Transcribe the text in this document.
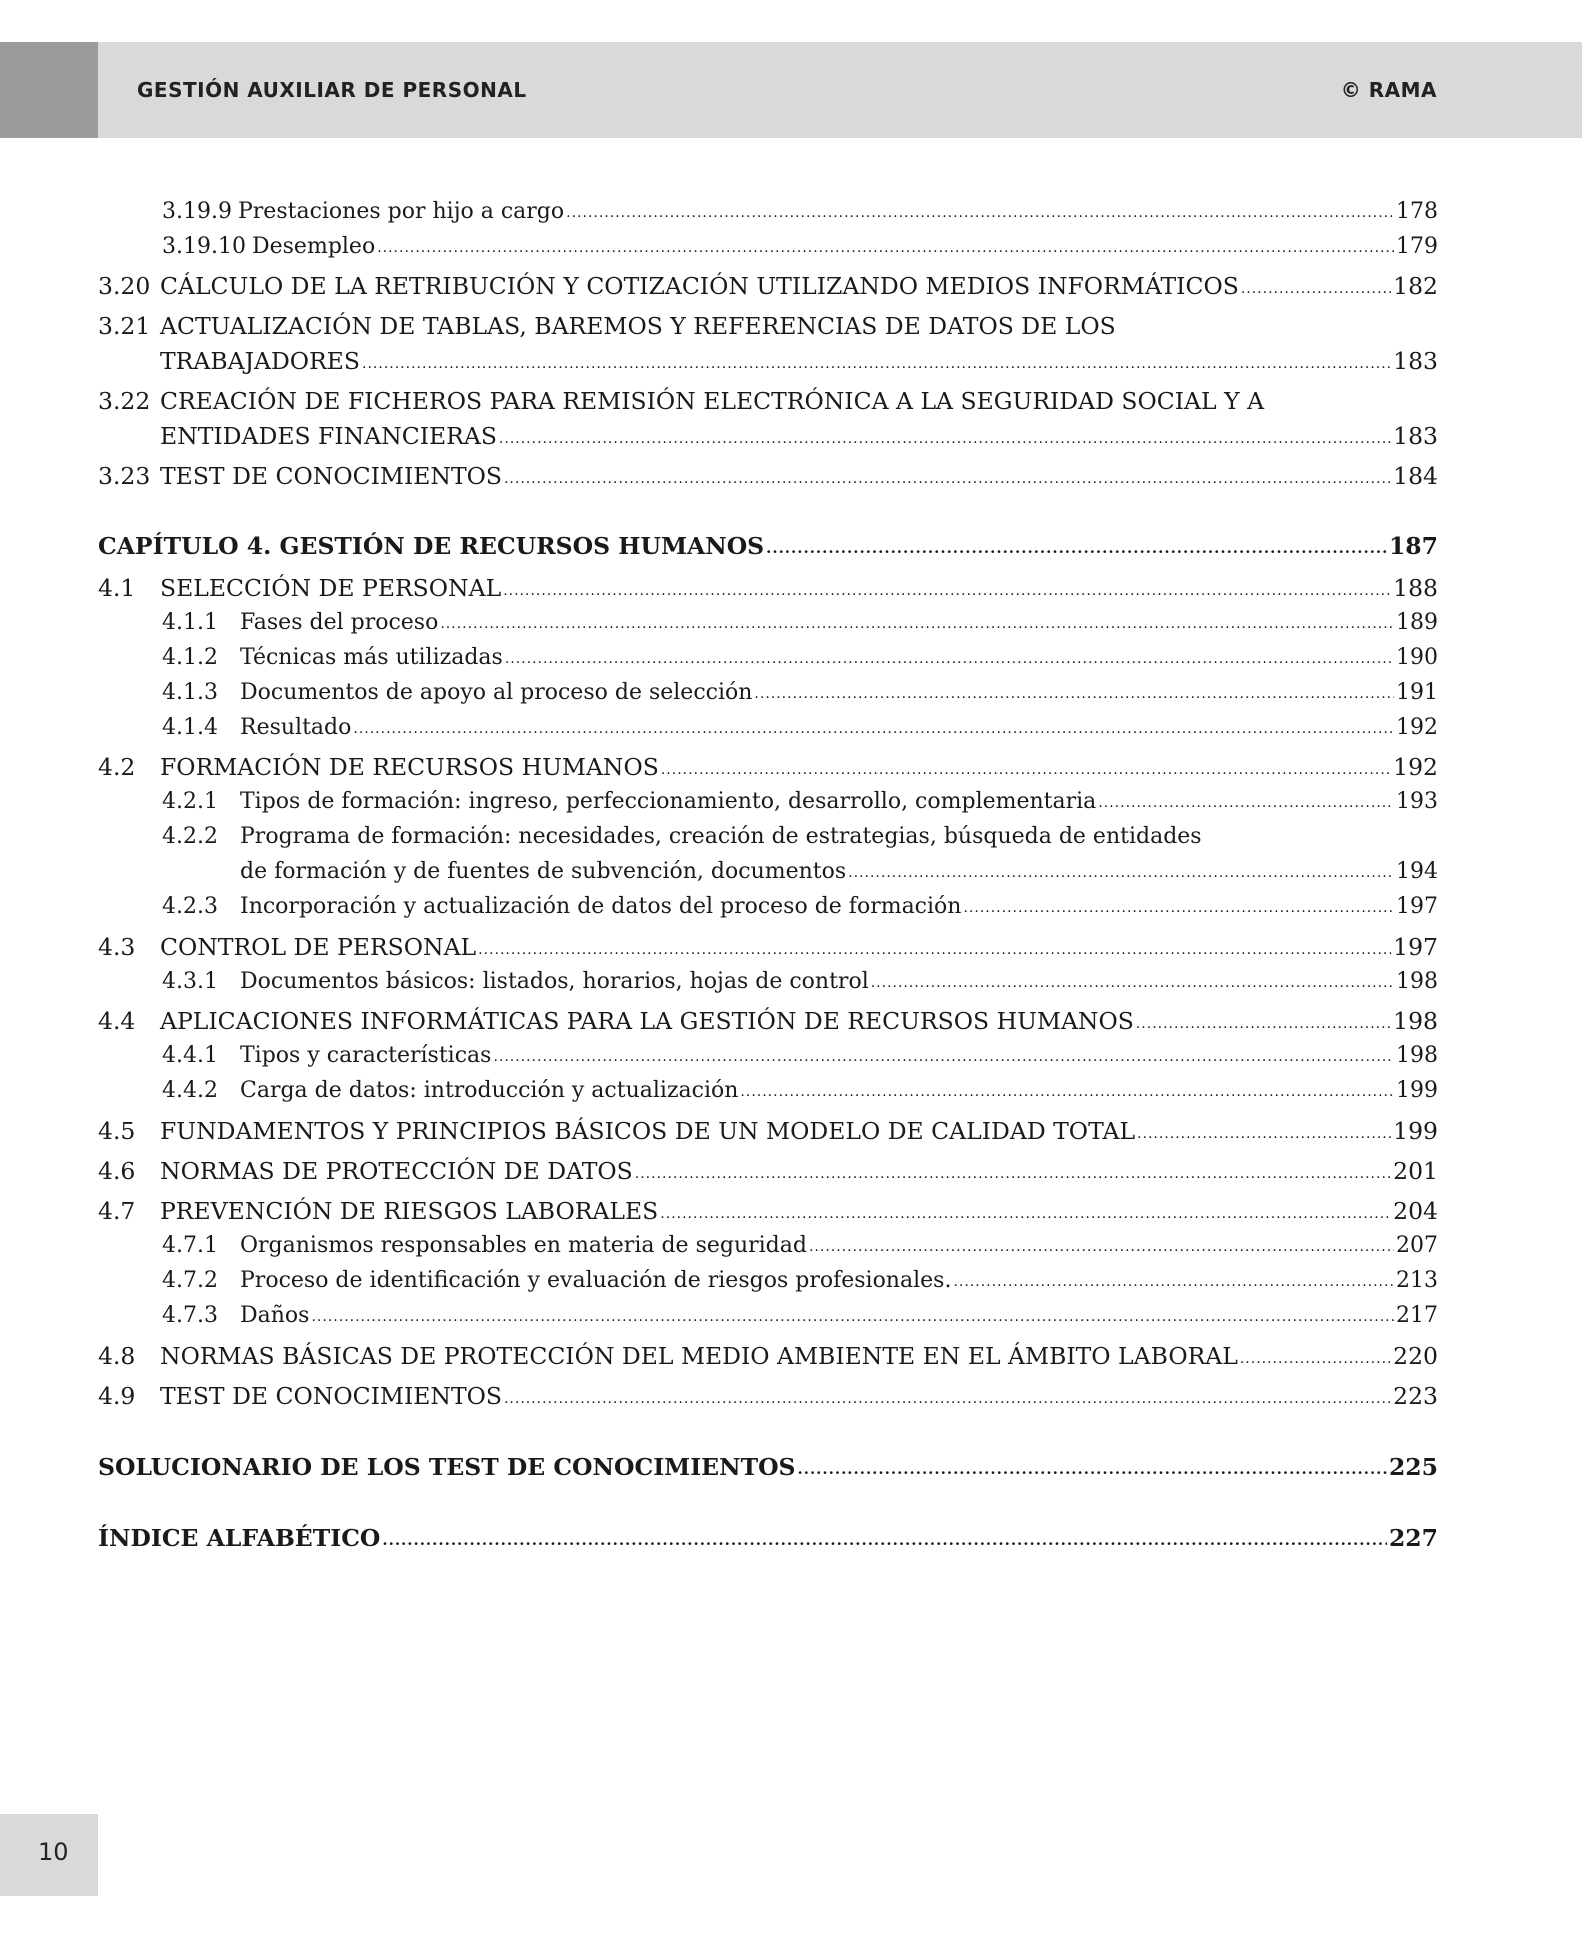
GESTIÓN AUXILIAR DE PERSONAL	© RAMA
3.19.9 Prestaciones por hijo a cargo .....	178
3.19.10 Desempleo .....	179
3.20 CÁLCULO DE LA RETRIBUCIÓN Y COTIZACIÓN UTILIZANDO MEDIOS INFORMÁTICOS .....	182
3.21 ACTUALIZACIÓN DE TABLAS, BAREMOS Y REFERENCIAS DE DATOS DE LOS
TRABAJADORES .....	183
3.22 CREACIÓN DE FICHEROS PARA REMISIÓN ELECTRÓNICA A LA SEGURIDAD SOCIAL Y A
ENTIDADES FINANCIERAS .....	183
3.23 TEST DE CONOCIMIENTOS .....	184
CAPÍTULO 4. GESTIÓN DE RECURSOS HUMANOS .....	187
4.1	SELECCIÓN DE PERSONAL .....	188
4.1.1	Fases del proceso .....	189
4.1.2	Técnicas más utilizadas .....	190
4.1.3	Documentos de apoyo al proceso de selección .....	191
4.1.4	Resultado .....	192
4.2	FORMACIÓN DE RECURSOS HUMANOS .....	192
4.2.1	Tipos de formación: ingreso, perfeccionamiento, desarrollo, complementaria .....	193
4.2.2	Programa de formación: necesidades, creación de estrategias, búsqueda de entidades
de formación y de fuentes de subvención, documentos .....	194
4.2.3	Incorporación y actualización de datos del proceso de formación .....	197
4.3	CONTROL DE PERSONAL .....	197
4.3.1	Documentos básicos: listados, horarios, hojas de control .....	198
4.4	APLICACIONES INFORMÁTICAS PARA LA GESTIÓN DE RECURSOS HUMANOS .....	198
4.4.1	Tipos y características .....	198
4.4.2	Carga de datos: introducción y actualización .....	199
4.5	FUNDAMENTOS Y PRINCIPIOS BÁSICOS DE UN MODELO DE CALIDAD TOTAL .....	199
4.6	NORMAS DE PROTECCIÓN DE DATOS .....	201
4.7	PREVENCIÓN DE RIESGOS LABORALES .....	204
4.7.1	Organismos responsables en materia de seguridad .....	207
4.7.2	Proceso de identificación y evaluación de riesgos profesionales. .....	213
4.7.3	Daños .....	217
4.8	NORMAS BÁSICAS DE PROTECCIÓN DEL MEDIO AMBIENTE EN EL ÁMBITO LABORAL .....	220
4.9	TEST DE CONOCIMIENTOS .....	223
SOLUCIONARIO DE LOS TEST DE CONOCIMIENTOS .....	225
ÍNDICE ALFABÉTICO .....	227
10
